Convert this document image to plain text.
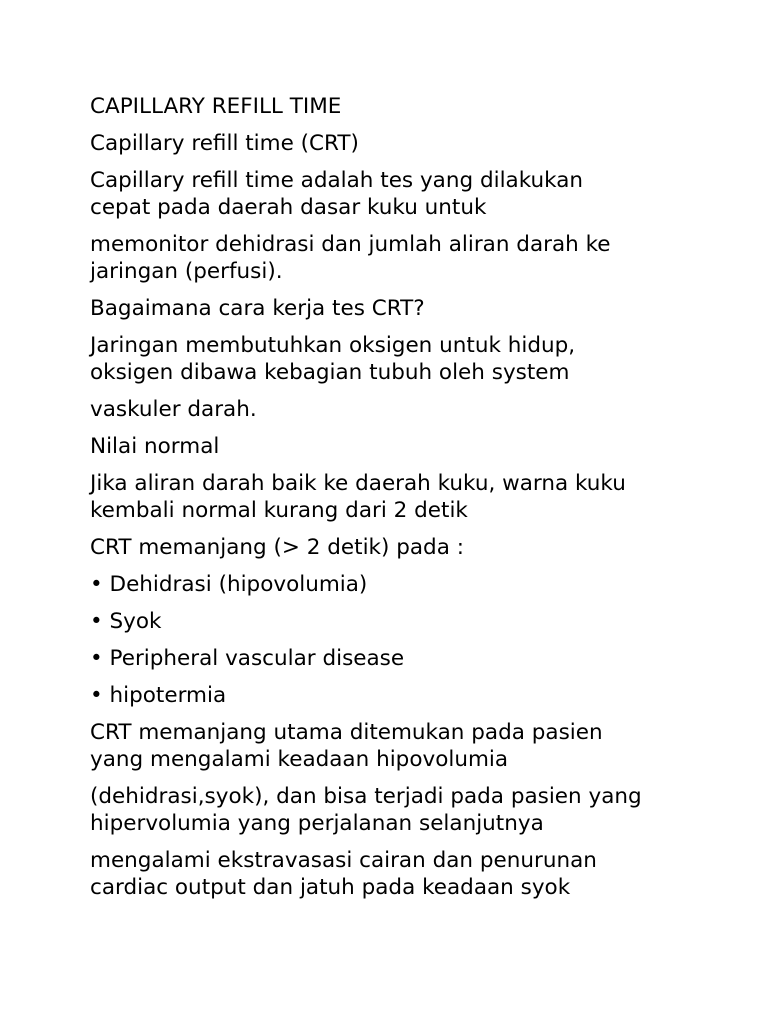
CAPILLARY REFILL TIME

Capillary refill time (CRT)

Capillary refill time adalah tes yang dilakukan
cepat pada daerah dasar kuku untuk

memonitor dehidrasi dan jumlah aliran darah ke
jaringan (perfusi).

Bagaimana cara kerja tes CRT?

Jaringan membutuhkan oksigen untuk hidup,
oksigen dibawa kebagian tubuh oleh system

vaskuler darah.

Nilai normal

Jika aliran darah baik ke daerah kuku, warna kuku
kembali normal kurang dari 2 detik

CRT memanjang (> 2 detik) pada :

• Dehidrasi (hipovolumia)

• Syok

• Peripheral vascular disease

• hipotermia

CRT memanjang utama ditemukan pada pasien
yang mengalami keadaan hipovolumia

(dehidrasi,syok), dan bisa terjadi pada pasien yang
hipervolumia yang perjalanan selanjutnya

mengalami ekstravasasi cairan dan penurunan
cardiac output dan jatuh pada keadaan syok
